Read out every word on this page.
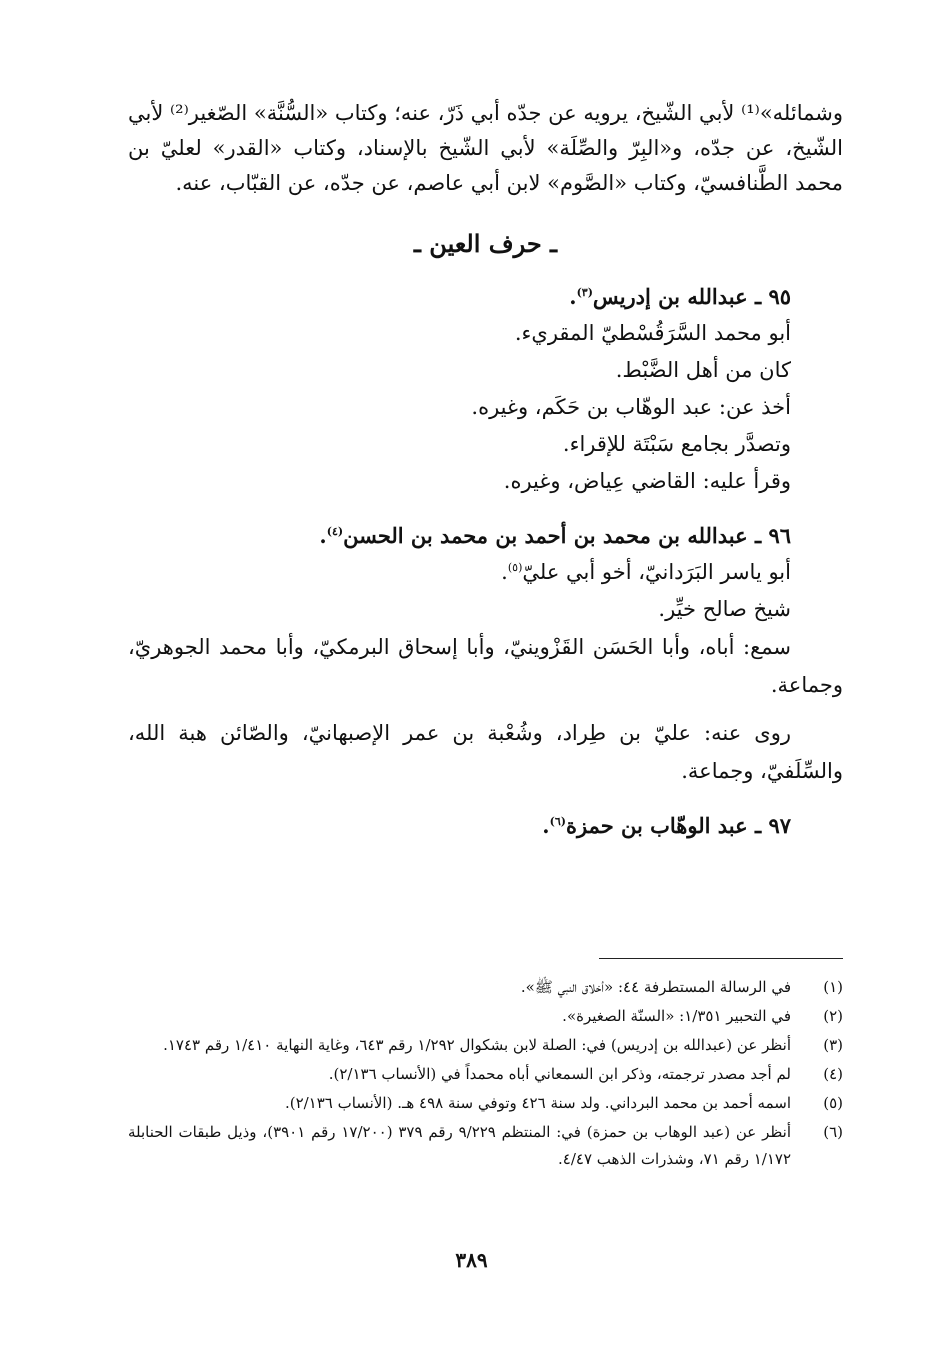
وشمائله»⁽¹⁾ لأبي الشّيخ، يرويه عن جدّه أبي ذَرّ، عنه؛ وكتاب «السُّنَّة» الصّغير⁽²⁾ لأبي الشّيخ، عن جدّه، و«البِرّ والصِّلَة» لأبي الشّيخ بالإسناد، وكتاب «القدر» لعليّ بن محمد الطَّنافسيّ، وكتاب «الصَّوم» لابن أبي عاصم، عن جدّه، عن القبّاب، عنه.

ـ حرف العين ـ

٩٥ ـ عبدالله بن إدريس$^{(٣)}$.

أبو محمد السَّرَقُسْطيّ المقريء.

كان من أهل الضَّبْط.

أخذ عن: عبد الوهّاب بن حَكَم، وغيره.

وتصدَّر بجامع سَبْتَة للإقراء.

وقرأ عليه: القاضي عِياض، وغيره.

٩٦ ـ عبدالله بن محمد بن أحمد بن محمد بن الحسن$^{(٤)}$.

أبو ياسر البَرَدانيّ، أخو أبي عليّ$^{(٥)}$.

شيخ صالح خيِّر.

سمع: أباه، وأبا الحَسَن القَزْوينيّ، وأبا إسحاق البرمكيّ، وأبا محمد الجوهريّ، وجماعة.

روى عنه: عليّ بن طِراد، وشُعْبة بن عمر الإصبهانيّ، والصّائن هبة الله، والسِّلَفيّ، وجماعة.

٩٧ ـ عبد الوهّاب بن حمزة$^{(٦)}$.

(١)
في الرسالة المستطرفة ٤٤: «أخلاق النبي ﷺ».
(٢)
في التحبير ١/٣٥١: «السنّة الصغيرة».
(٣)
أنظر عن (عبدالله بن إدريس) في: الصلة لابن بشكوال ١/٢٩٢ رقم ٦٤٣، وغاية النهاية ١/٤١٠ رقم ١٧٤٣.
(٤)
لم أجد مصدر ترجمته، وذكر ابن السمعاني أباه محمداً في (الأنساب ٢/١٣٦).
(٥)
اسمه أحمد بن محمد البرداني. ولد سنة ٤٢٦ وتوفي سنة ٤٩٨ هـ. (الأنساب ٢/١٣٦).
(٦)
أنظر عن (عبد الوهاب بن حمزة) في: المنتظم ٩/٢٢٩ رقم ٣٧٩ (١٧/٢٠٠ رقم ٣٩٠١)، وذيل طبقات الحنابلة ١/١٧٢ رقم ٧١، وشذرات الذهب ٤/٤٧.
٣٨٩
